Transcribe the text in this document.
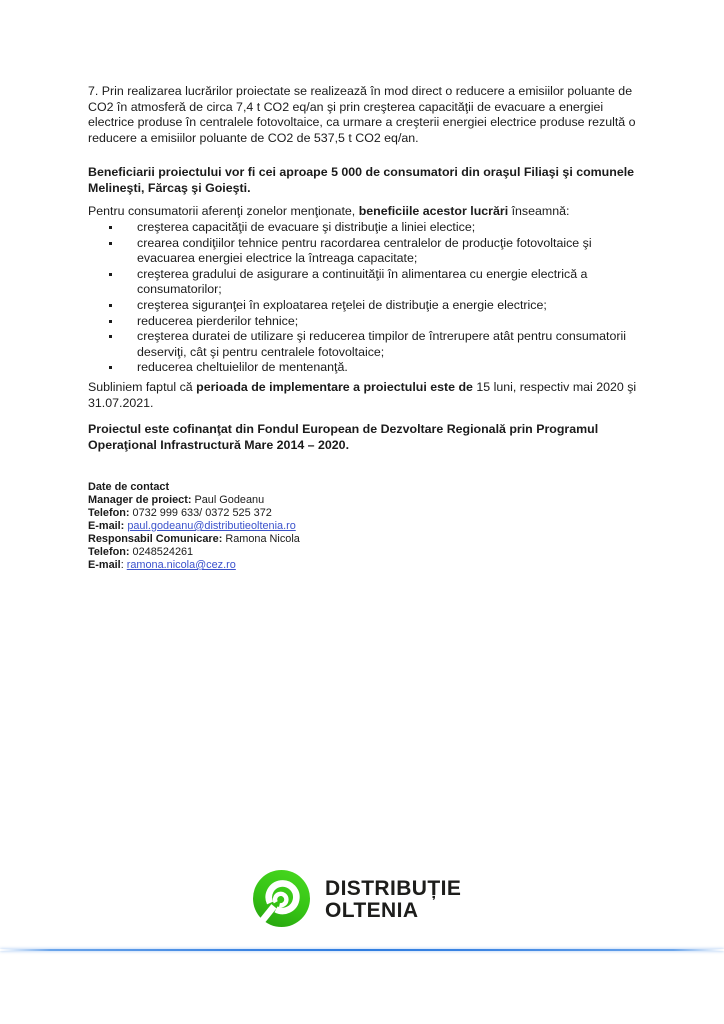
7. Prin realizarea lucrărilor proiectate se realizează în mod direct o reducere a emisiilor poluante de CO2 în atmosferă de circa 7,4 t CO2 eq/an şi prin creşterea capacităţii de evacuare a energiei electrice produse în centralele fotovoltaice, ca urmare a creşterii energiei electrice produse rezultă o reducere a emisiilor poluante de CO2 de 537,5 t CO2 eq/an.

Beneficiarii proiectului vor fi cei aproape 5 000 de consumatori din oraşul Filiaşi şi comunele Melineşti, Fărcaş şi Goieşti.

Pentru consumatorii aferenţi zonelor menţionate, beneficiile acestor lucrări înseamnă:

creşterea capacităţii de evacuare şi distribuţie a liniei electice;
crearea condiţiilor tehnice pentru racordarea centralelor de producţie fotovoltaice şi evacuarea energiei electrice la întreaga capacitate;
creşterea gradului de asigurare a continuităţii în alimentarea cu energie electrică a consumatorilor;
creşterea siguranţei în exploatarea reţelei de distribuţie a energie electrice;
reducerea pierderilor tehnice;
creşterea duratei de utilizare şi reducerea timpilor de întrerupere atât pentru consumatorii deserviţi, cât şi pentru centralele fotovoltaice;
reducerea cheltuielilor de mentenanţă.

Subliniem faptul că perioada de implementare a proiectului este de 15 luni, respectiv mai 2020 şi 31.07.2021.

Proiectul este cofinanţat din Fondul European de Dezvoltare Regională prin Programul Operaţional Infrastructură Mare 2014 – 2020.

Date de contact
Manager de proiect: Paul Godeanu
Telefon: 0732 999 633/ 0372 525 372
E-mail: paul.godeanu@distributieoltenia.ro
Responsabil Comunicare: Ramona Nicola
Telefon: 0248524261
E-mail: ramona.nicola@cez.ro
DISTRIBUȚIE
OLTENIA
